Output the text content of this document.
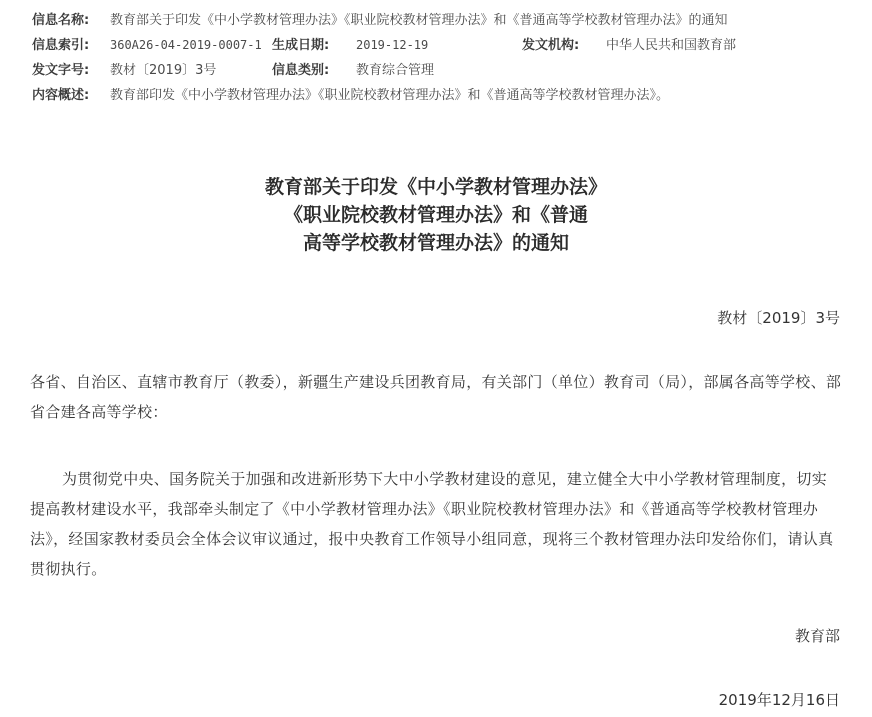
信息名称: 教育部关于印发《中小学教材管理办法》《职业院校教材管理办法》和《普通高等学校教材管理办法》的通知
信息索引: 360A26-04-2019-0007-1 生成日期: 2019-12-19	发文机构: 中华人民共和国教育部
发文字号: 教材〔2019〕3号	信息类别: 教育综合管理
内容概述: 教育部印发《中小学教材管理办法》《职业院校教材管理办法》和《普通高等学校教材管理办法》。
教育部关于印发《中小学教材管理办法》
《职业院校教材管理办法》和《普通
高等学校教材管理办法》的通知
教材〔2019〕3号
各省、自治区、直辖市教育厅（教委），新疆生产建设兵团教育局，有关部门（单位）教育司（局），部属各高等学校、部省合建各高等学校：
为贯彻党中央、国务院关于加强和改进新形势下大中小学教材建设的意见，建立健全大中小学教材管理制度，切实提高教材建设水平，我部牵头制定了《中小学教材管理办法》《职业院校教材管理办法》和《普通高等学校教材管理办法》，经国家教材委员会全体会议审议通过，报中央教育工作领导小组同意，现将三个教材管理办法印发给你们，请认真贯彻执行。
教育部
2019年12月16日
